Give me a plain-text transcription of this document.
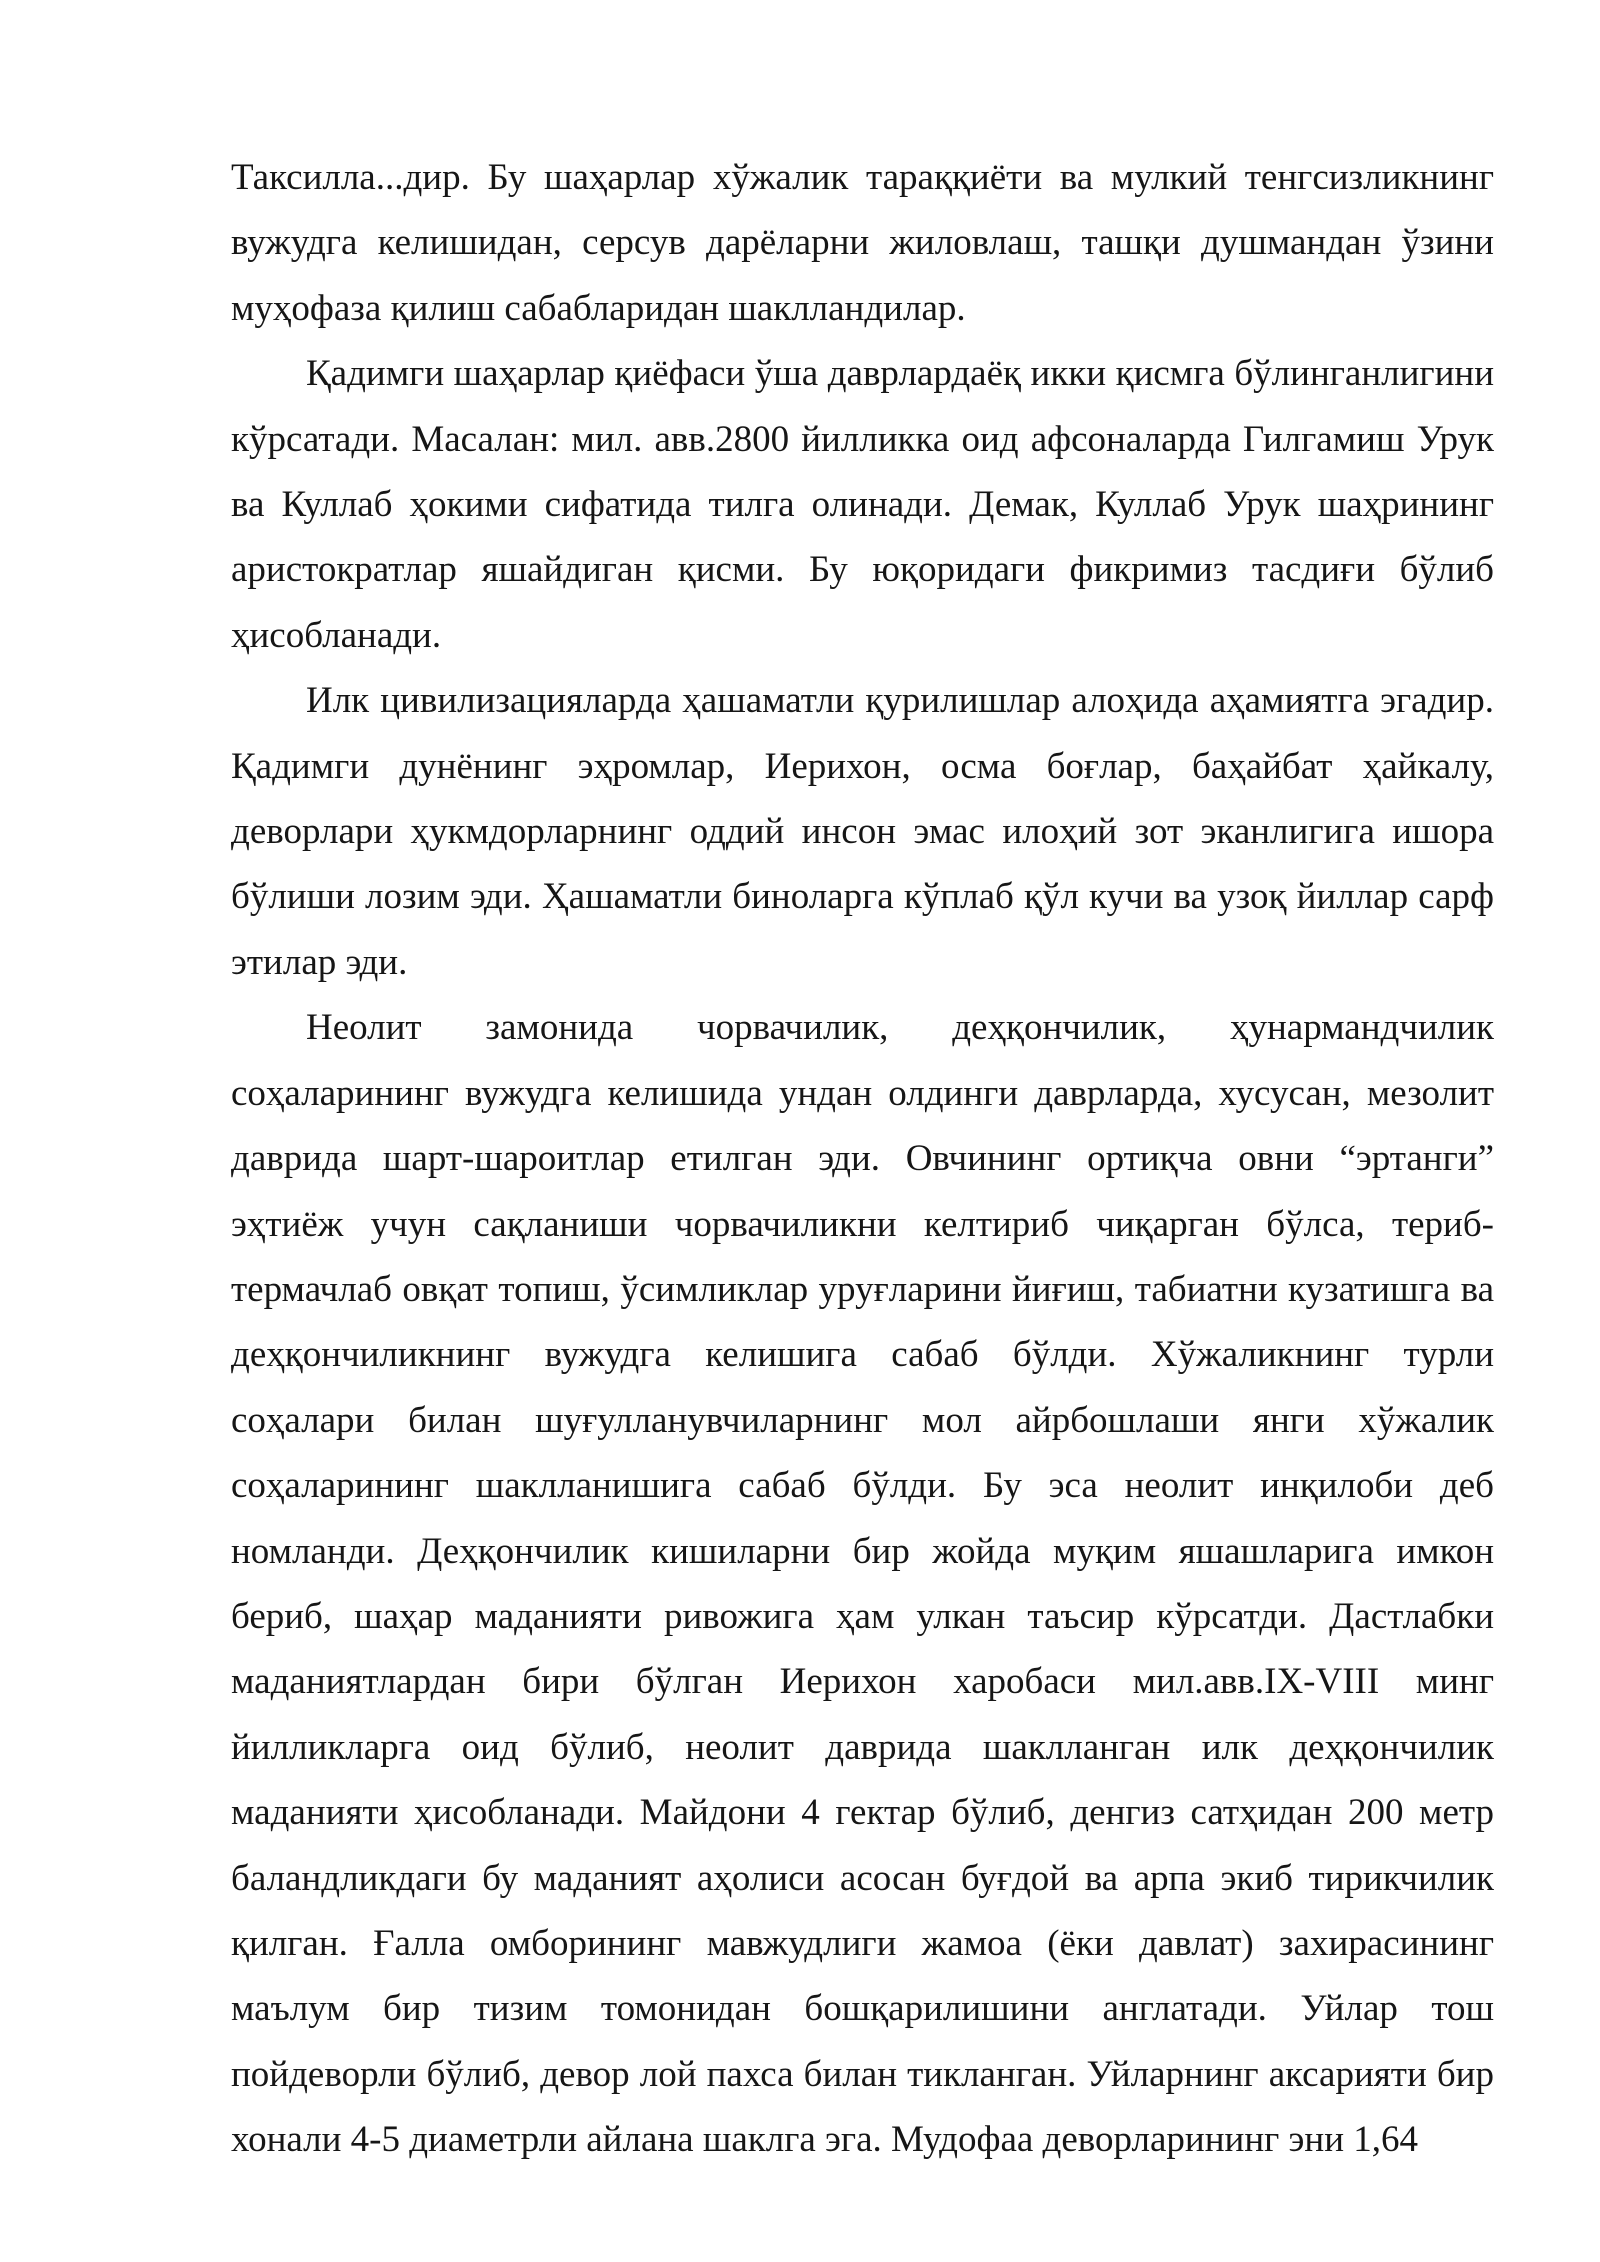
Таксилла...дир. Бу шаҳарлар хўжалик тараққиёти ва мулкий тенгсизликнинг вужудга келишидан, серсув дарёларни жиловлаш, ташқи душмандан ўзини муҳофаза қилиш сабабларидан шаклландилар.

Қадимги шаҳарлар қиёфаси ўша даврлардаёқ икки қисмга бўлинганлигини кўрсатади. Масалан: мил. авв.2800 йилликка оид афсоналарда Гилгамиш Урук ва Куллаб ҳокими сифатида тилга олинади. Демак, Куллаб Урук шаҳрининг аристократлар яшайдиган қисми. Бу юқоридаги фикримиз тасдиғи бўлиб ҳисобланади.

Илк цивилизацияларда ҳашаматли қурилишлар алоҳида аҳамиятга эгадир. Қадимги дунёнинг эҳромлар, Иерихон, осма боғлар, баҳайбат ҳайкалу, деворлари ҳукмдорларнинг оддий инсон эмас илоҳий зот эканлигига ишора бўлиши лозим эди. Ҳашаматли биноларга кўплаб қўл кучи ва узоқ йиллар сарф этилар эди.

Неолит замонида чорвачилик, деҳқончилик, ҳунармандчилик соҳаларининг вужудга келишида ундан олдинги даврларда, хусусан, мезолит даврида шарт-шароитлар етилган эди. Овчининг ортиқча овни “эртанги” эҳтиёж учун сақланиши чорвачиликни келтириб чиқарган бўлса, териб-термачлаб овқат топиш, ўсимликлар уруғларини йиғиш, табиатни кузатишга ва деҳқончиликнинг вужудга келишига сабаб бўлди. Хўжаликнинг турли соҳалари билан шуғулланувчиларнинг мол айрбошлаши янги хўжалик соҳаларининг шаклланишига сабаб бўлди. Бу эса неолит инқилоби деб номланди. Деҳқончилик кишиларни бир жойда муқим яшашларига имкон бериб, шаҳар маданияти ривожига ҳам улкан таъсир кўрсатди. Дастлабки маданиятлардан бири бўлган Иерихон харобаси мил.авв.IX-VIII минг йилликларга оид бўлиб, неолит даврида шаклланган илк деҳқончилик маданияти ҳисобланади. Майдони 4 гектар бўлиб, денгиз сатҳидан 200 метр баландликдаги бу маданият аҳолиси асосан буғдой ва арпа экиб тирикчилик қилган. Ғалла омборининг мавжудлиги жамоа (ёки давлат) захирасининг маълум бир тизим томонидан бошқарилишини англатади. Уйлар тош пойдеворли бўлиб, девор лой пахса билан тикланган. Уйларнинг аксарияти бир хонали 4-5 диаметрли айлана шаклга эга. Мудофаа деворларининг эни 1,64
